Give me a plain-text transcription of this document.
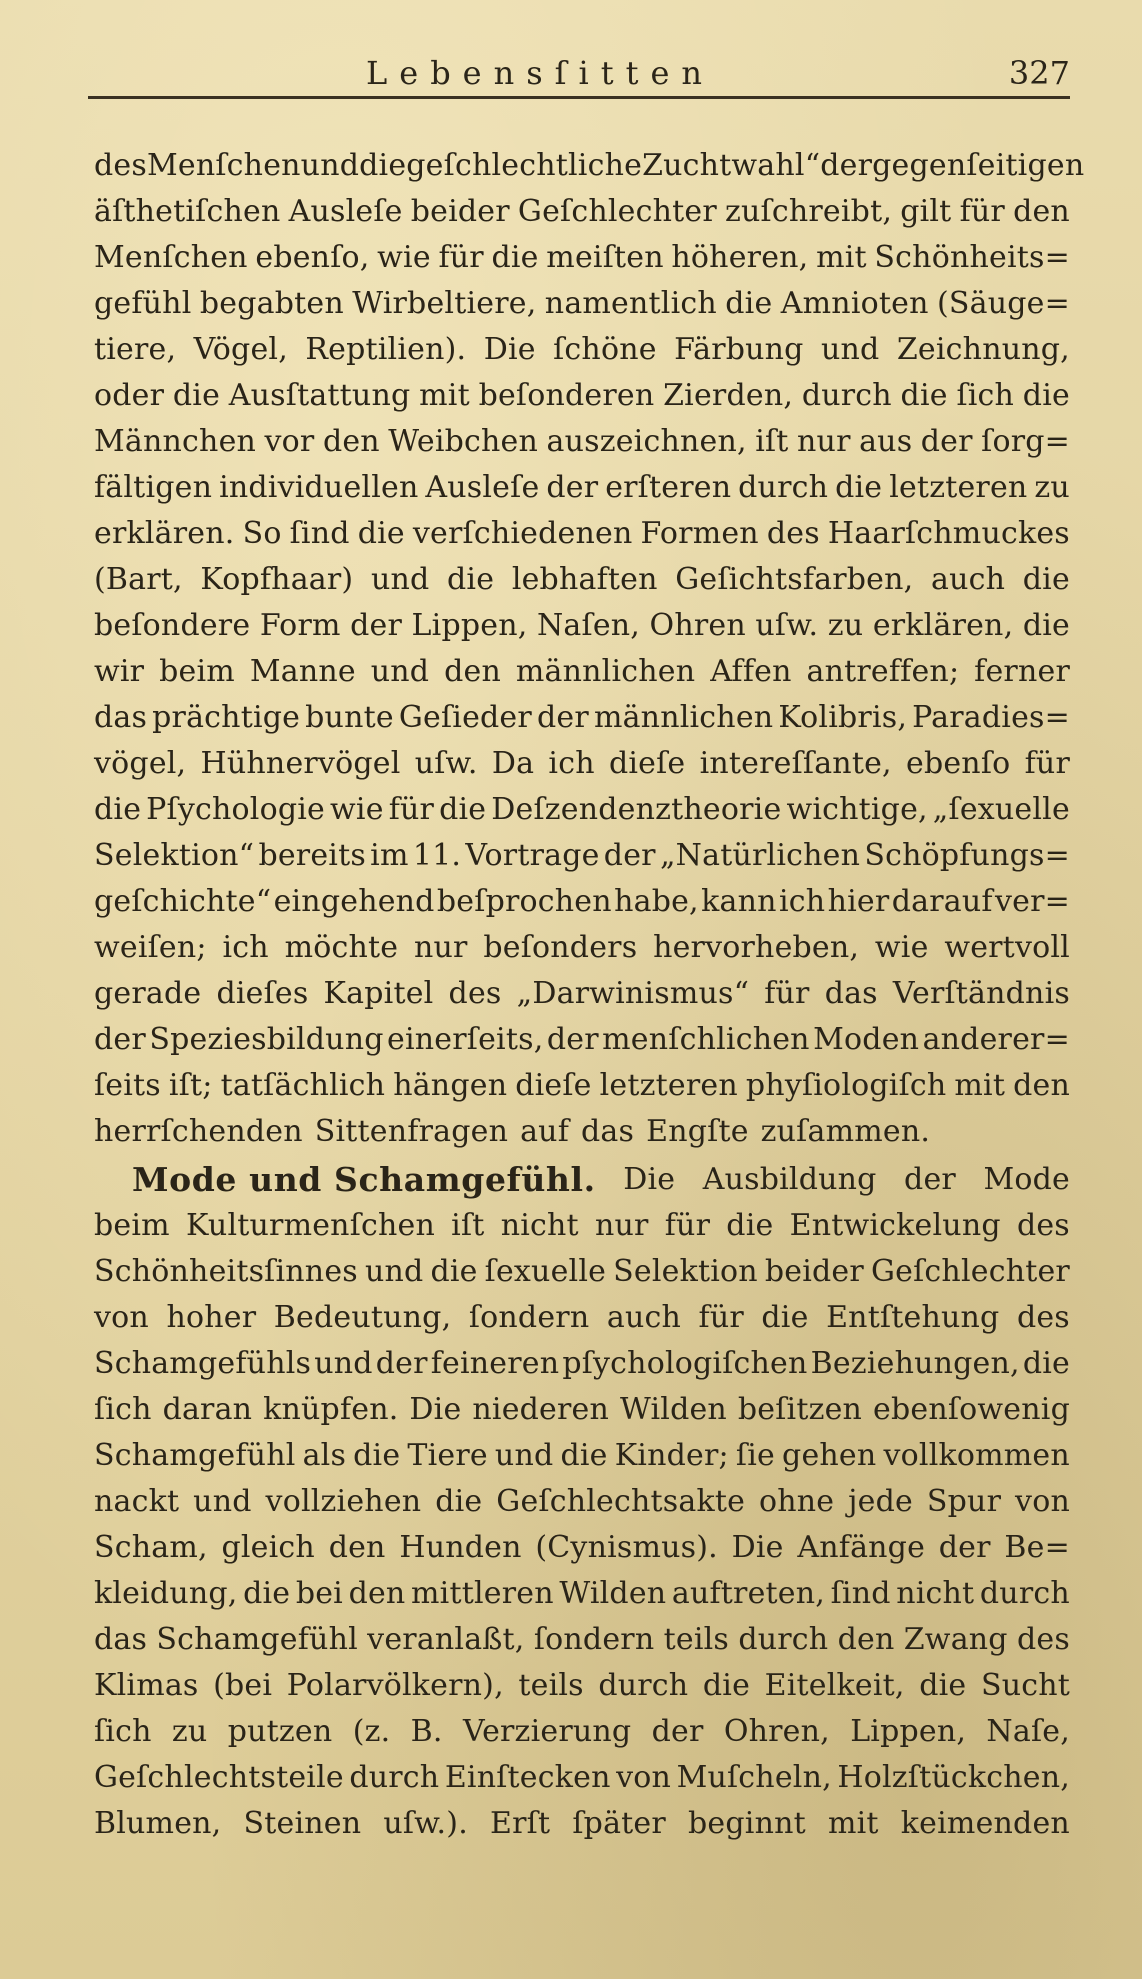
Lebensſitten	327
des Menſchen und die geſchlechtliche Zuchtwahl“ der gegenſeitigen
äſthetiſchen Ausleſe beider Geſchlechter zuſchreibt, gilt für den
Menſchen ebenſo, wie für die meiſten höheren, mit Schönheits=
gefühl begabten Wirbeltiere, namentlich die Amnioten (Säuge=
tiere, Vögel, Reptilien). Die ſchöne Färbung und Zeichnung,
oder die Ausſtattung mit beſonderen Zierden, durch die ſich die
Männchen vor den Weibchen auszeichnen, iſt nur aus der ſorg=
fältigen individuellen Ausleſe der erſteren durch die letzteren zu
erklären. So ſind die verſchiedenen Formen des Haarſchmuckes
(Bart, Kopfhaar) und die lebhaften Geſichtsfarben, auch die
beſondere Form der Lippen, Naſen, Ohren uſw. zu erklären, die
wir beim Manne und den männlichen Affen antreffen; ferner
das prächtige bunte Geſieder der männlichen Kolibris, Paradies=
vögel, Hühnervögel uſw. Da ich dieſe intereſſante, ebenſo für
die Pſychologie wie für die Deſzendenztheorie wichtige, „ſexuelle
Selektion“ bereits im 11. Vortrage der „Natürlichen Schöpfungs=
geſchichte“ eingehend beſprochen habe, kann ich hier darauf ver=
weiſen; ich möchte nur beſonders hervorheben, wie wertvoll
gerade dieſes Kapitel des „Darwinismus“ für das Verſtändnis
der Speziesbildung einerſeits, der menſchlichen Moden anderer=
ſeits iſt; tatſächlich hängen dieſe letzteren phyſiologiſch mit den
herrſchenden Sittenfragen auf das Engſte zuſammen.
Mode und Schamgefühl. Die Ausbildung der Mode
beim Kulturmenſchen iſt nicht nur für die Entwickelung des
Schönheitsſinnes und die ſexuelle Selektion beider Geſchlechter
von hoher Bedeutung, ſondern auch für die Entſtehung des
Schamgefühls und der feineren pſychologiſchen Beziehungen, die
ſich daran knüpfen. Die niederen Wilden beſitzen ebenſowenig
Schamgefühl als die Tiere und die Kinder; ſie gehen vollkommen
nackt und vollziehen die Geſchlechtsakte ohne jede Spur von
Scham, gleich den Hunden (Cynismus). Die Anfänge der Be=
kleidung, die bei den mittleren Wilden auftreten, ſind nicht durch
das Schamgefühl veranlaßt, ſondern teils durch den Zwang des
Klimas (bei Polarvölkern), teils durch die Eitelkeit, die Sucht
ſich zu putzen (z. B. Verzierung der Ohren, Lippen, Naſe,
Geſchlechtsteile durch Einſtecken von Muſcheln, Holzſtückchen,
Blumen, Steinen uſw.). Erſt ſpäter beginnt mit keimenden
